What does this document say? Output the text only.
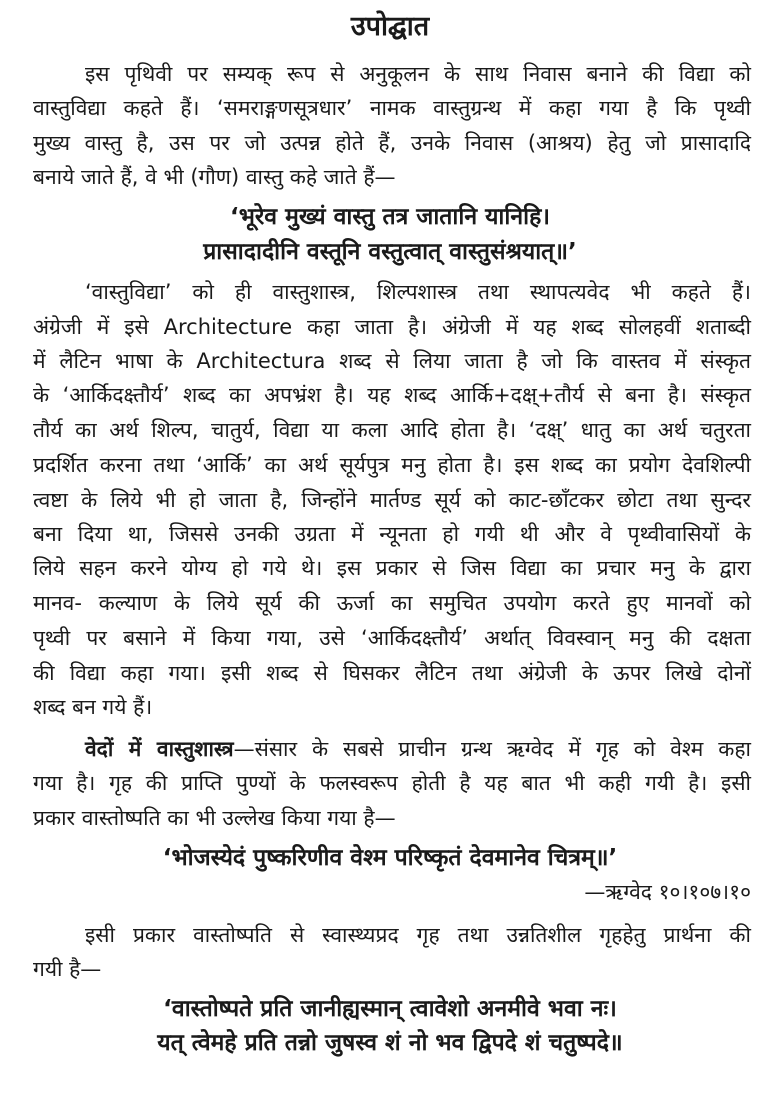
उपोद्घात
इस पृथिवी पर सम्यक् रूप से अनुकूलन के साथ निवास बनाने की विद्या को
वास्तुविद्या कहते हैं। ‘समराङ्गणसूत्रधार’ नामक वास्तुग्रन्थ में कहा गया है कि पृथ्वी
मुख्य वास्तु है, उस पर जो उत्पन्न होते हैं, उनके निवास (आश्रय) हेतु जो प्रासादादि
बनाये जाते हैं, वे भी (गौण) वास्तु कहे जाते हैं—
‘भूरेव मुख्यं वास्तु तत्र जातानि यानिहि।
प्रासादादीनि वस्तूनि वस्तुत्वात् वास्तुसंश्रयात्॥’
‘वास्तुविद्या’ को ही वास्तुशास्त्र, शिल्पशास्त्र तथा स्थापत्यवेद भी कहते हैं।
अंग्रेजी में इसे Architecture कहा जाता है। अंग्रेजी में यह शब्द सोलहवीं शताब्दी
में लैटिन भाषा के Architectura शब्द से लिया जाता है जो कि वास्तव में संस्कृत
के ‘आर्किदक्ष्तौर्य’ शब्द का अपभ्रंश है। यह शब्द आर्कि+दक्ष्+तौर्य से बना है। संस्कृत
तौर्य का अर्थ शिल्प, चातुर्य, विद्या या कला आदि होता है। ‘दक्ष्’ धातु का अर्थ चतुरता
प्रदर्शित करना तथा ‘आर्कि’ का अर्थ सूर्यपुत्र मनु होता है। इस शब्द का प्रयोग देवशिल्पी
त्वष्टा के लिये भी हो जाता है, जिन्होंने मार्तण्ड सूर्य को काट-छाँटकर छोटा तथा सुन्दर
बना दिया था, जिससे उनकी उग्रता में न्यूनता हो गयी थी और वे पृथ्वीवासियों के
लिये सहन करने योग्य हो गये थे। इस प्रकार से जिस विद्या का प्रचार मनु के द्वारा
मानव- कल्याण के लिये सूर्य की ऊर्जा का समुचित उपयोग करते हुए मानवों को
पृथ्वी पर बसाने में किया गया, उसे ‘आर्किदक्ष्तौर्य’ अर्थात् विवस्वान् मनु की दक्षता
की विद्या कहा गया। इसी शब्द से घिसकर लैटिन तथा अंग्रेजी के ऊपर लिखे दोनों
शब्द बन गये हैं।
वेदों में वास्तुशास्त्र—संसार के सबसे प्राचीन ग्रन्थ ऋग्वेद में गृह को वेश्म कहा
गया है। गृह की प्राप्ति पुण्यों के फलस्वरूप होती है यह बात भी कही गयी है। इसी
प्रकार वास्तोष्पति का भी उल्लेख किया गया है—
‘भोजस्येदं पुष्करिणीव वेश्म परिष्कृतं देवमानेव चित्रम्॥’
—ऋग्वेद १०।१०७।१०
इसी प्रकार वास्तोष्पति से स्वास्थ्यप्रद गृह तथा उन्नतिशील गृहहेतु प्रार्थना की
गयी है—
‘वास्तोष्पते प्रति जानीह्यस्मान् त्वावेशो अनमीवे भवा नः।
यत् त्वेमहे प्रति तन्नो जुषस्व शं नो भव द्विपदे शं चतुष्पदे॥
